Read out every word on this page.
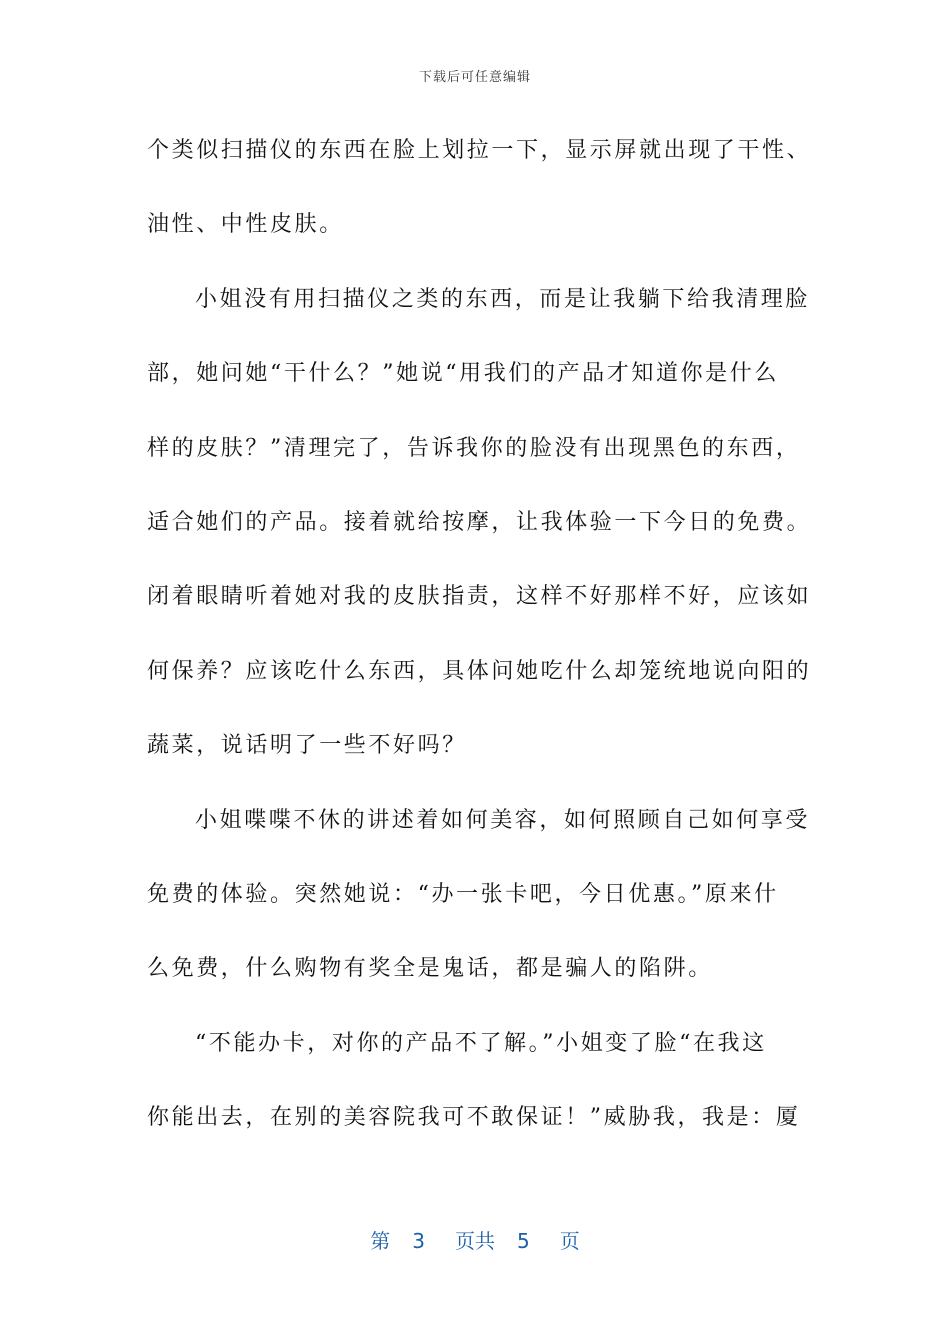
下载后可任意编辑
个类似扫描仪的东西在脸上划拉一下，显示屏就出现了干性、
油性、中性皮肤。
小姐没有用扫描仪之类的东西，而是让我躺下给我清理脸
部，她问她“干什么？”她说“用我们的产品才知道你是什么
样的皮肤？”清理完了，告诉我你的脸没有出现黑色的东西，
适合她们的产品。接着就给按摩，让我体验一下今日的免费。
闭着眼睛听着她对我的皮肤指责，这样不好那样不好，应该如
何保养？应该吃什么东西，具体问她吃什么却笼统地说向阳的
蔬菜，说话明了一些不好吗？
小姐喋喋不休的讲述着如何美容，如何照顾自己如何享受
免费的体验。突然她说：“办一张卡吧，今日优惠。”原来什
么免费，什么购物有奖全是鬼话，都是骗人的陷阱。
“不能办卡，对你的产品不了解。”小姐变了脸“在我这
你能出去，在别的美容院我可不敢保证！”威胁我，我是：厦
第 3 页共 5 页
